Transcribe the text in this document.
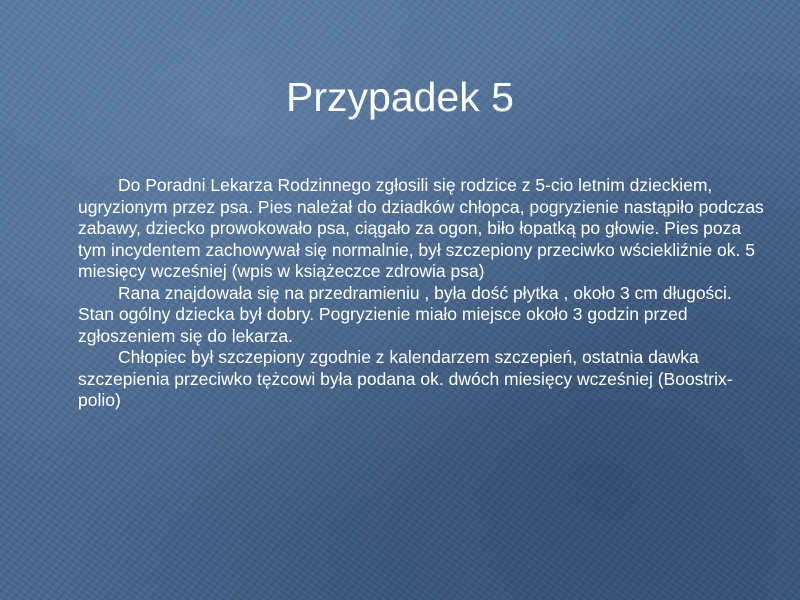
Przypadek 5

Do Poradni Lekarza Rodzinnego zgłosili się rodzice z 5-cio letnim dzieckiem, ugryzionym przez psa. Pies należał do dziadków chłopca, pogryzienie nastąpiło podczas zabawy, dziecko prowokowało psa, ciągało za ogon, biło łopatką po głowie. Pies poza tym incydentem zachowywał się normalnie, był szczepiony przeciwko wściekliźnie ok. 5 miesięcy wcześniej (wpis w książeczce zdrowia psa)

Rana znajdowała się na przedramieniu , była dość płytka , około 3 cm długości. Stan ogólny dziecka był dobry. Pogryzienie miało miejsce około 3 godzin przed zgłoszeniem się do lekarza.

Chłopiec był szczepiony zgodnie z kalendarzem szczepień, ostatnia dawka szczepienia przeciwko tężcowi była podana ok. dwóch miesięcy wcześniej (Boostrix-polio)
